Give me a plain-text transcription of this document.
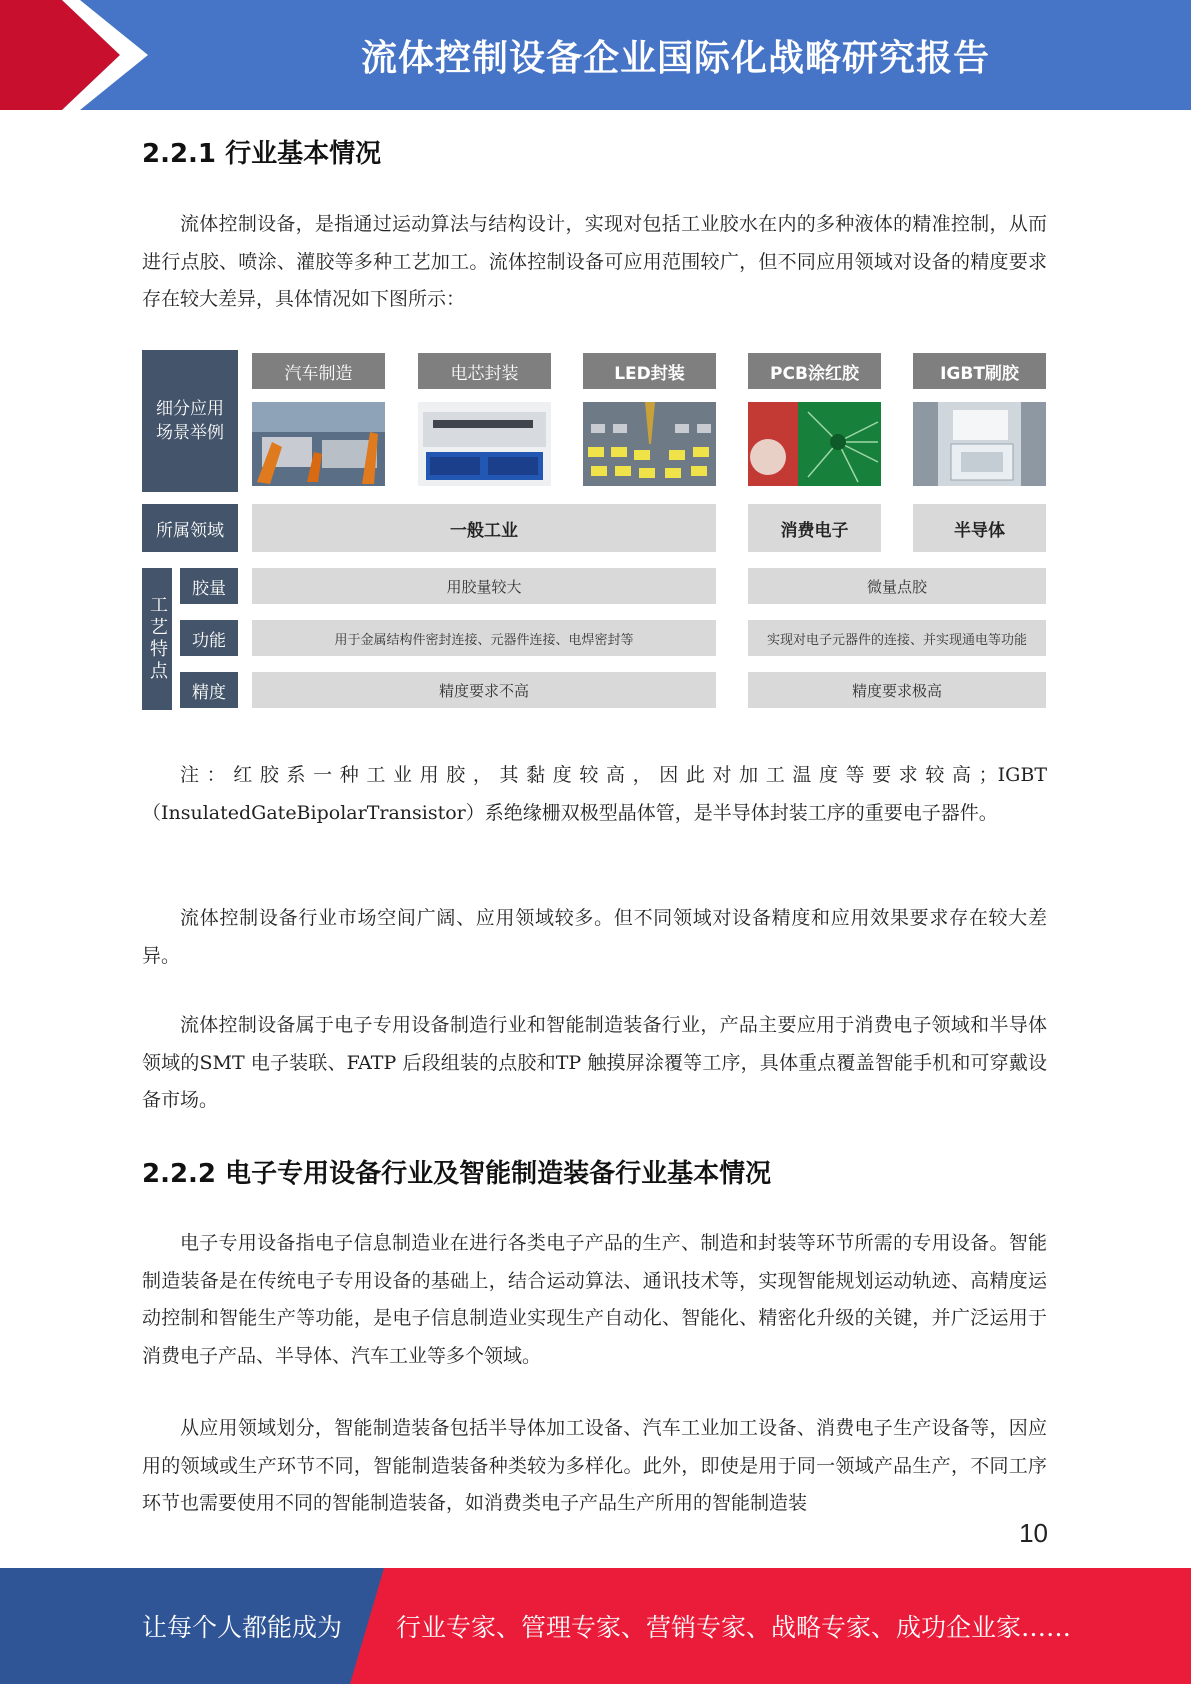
流体控制设备企业国际化战略研究报告
2.2.1 行业基本情况

流体控制设备，是指通过运动算法与结构设计，实现对包括工业胶水在内的多种液体的精准控制，从而进行点胶、喷涂、灌胶等多种工艺加工。流体控制设备可应用范围较广，但不同应用领域对设备的精度要求存在较大差异，具体情况如下图所示：

细分应用场景举例
汽车制造	电芯封装	LED封装	PCB涂红胶	IGBT刷胶
所属领域	一般工业	消费电子	半导体
工艺特点
胶量	用胶量较大	微量点胶
功能	用于金属结构件密封连接、元器件连接、电焊密封等	实现对电子元器件的连接、并实现通电等功能
精度	精度要求不高	精度要求极高

注：红胶系一种工业用胶，其黏度较高，因此对加工温度等要求较高；IGBT（InsulatedGateBipolarTransistor）系绝缘栅双极型晶体管，是半导体封装工序的重要电子器件。

流体控制设备行业市场空间广阔、应用领域较多。但不同领域对设备精度和应用效果要求存在较大差异。

流体控制设备属于电子专用设备制造行业和智能制造装备行业，产品主要应用于消费电子领域和半导体领域的SMT 电子装联、FATP 后段组装的点胶和TP 触摸屏涂覆等工序，具体重点覆盖智能手机和可穿戴设备市场。

2.2.2 电子专用设备行业及智能制造装备行业基本情况

电子专用设备指电子信息制造业在进行各类电子产品的生产、制造和封装等环节所需的专用设备。智能制造装备是在传统电子专用设备的基础上，结合运动算法、通讯技术等，实现智能规划运动轨迹、高精度运动控制和智能生产等功能，是电子信息制造业实现生产自动化、智能化、精密化升级的关键，并广泛运用于消费电子产品、半导体、汽车工业等多个领域。

从应用领域划分，智能制造装备包括半导体加工设备、汽车工业加工设备、消费电子生产设备等，因应用的领域或生产环节不同，智能制造装备种类较为多样化。此外，即使是用于同一领域产品生产，不同工序环节也需要使用不同的智能制造装备，如消费类电子产品生产所用的智能制造装

10
让每个人都能成为 行业专家、管理专家、营销专家、战略专家、成功企业家……
